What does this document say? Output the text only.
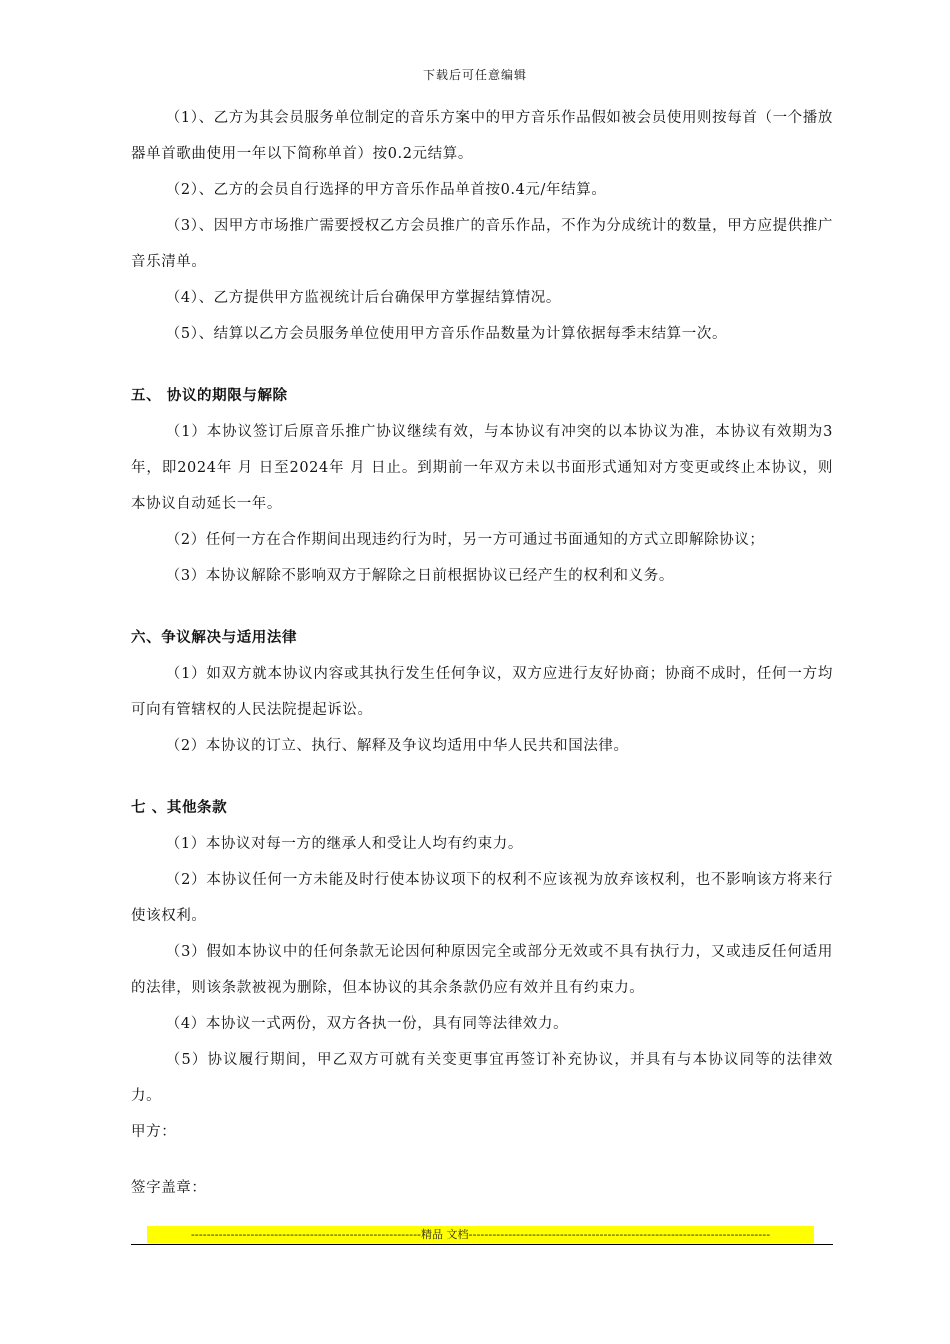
下载后可任意编辑

（1）、乙方为其会员服务单位制定的音乐方案中的甲方音乐作品假如被会员使用则按每首（一个播放器单首歌曲使用一年以下简称单首）按0.2元结算。

（2）、乙方的会员自行选择的甲方音乐作品单首按0.4元/年结算。

（3）、因甲方市场推广需要授权乙方会员推广的音乐作品，不作为分成统计的数量，甲方应提供推广音乐清单。

（4）、乙方提供甲方监视统计后台确保甲方掌握结算情况。

（5）、结算以乙方会员服务单位使用甲方音乐作品数量为计算依据每季末结算一次。

五、 协议的期限与解除

（1）本协议签订后原音乐推广协议继续有效，与本协议有冲突的以本协议为准，本协议有效期为3年，即2024年 月 日至2024年 月 日止。到期前一年双方未以书面形式通知对方变更或终止本协议，则本协议自动延长一年。

（2）任何一方在合作期间出现违约行为时，另一方可通过书面通知的方式立即解除协议；

（3）本协议解除不影响双方于解除之日前根据协议已经产生的权利和义务。

六、争议解决与适用法律

（1）如双方就本协议内容或其执行发生任何争议，双方应进行友好协商；协商不成时，任何一方均可向有管辖权的人民法院提起诉讼。

（2）本协议的订立、执行、解释及争议均适用中华人民共和国法律。

七 、其他条款

（1）本协议对每一方的继承人和受让人均有约束力。

（2）本协议任何一方未能及时行使本协议项下的权利不应该视为放弃该权利，也不影响该方将来行使该权利。

（3）假如本协议中的任何条款无论因何种原因完全或部分无效或不具有执行力，又或违反任何适用的法律，则该条款被视为删除，但本协议的其余条款仍应有效并且有约束力。

（4）本协议一式两份，双方各执一份，具有同等法律效力。

（5）协议履行期间，甲乙双方可就有关变更事宜再签订补充协议，并具有与本协议同等的法律效力。

甲方：

签字盖章：

----------------------------------------------------------精品 文档----------------------------------------------------------------------------
